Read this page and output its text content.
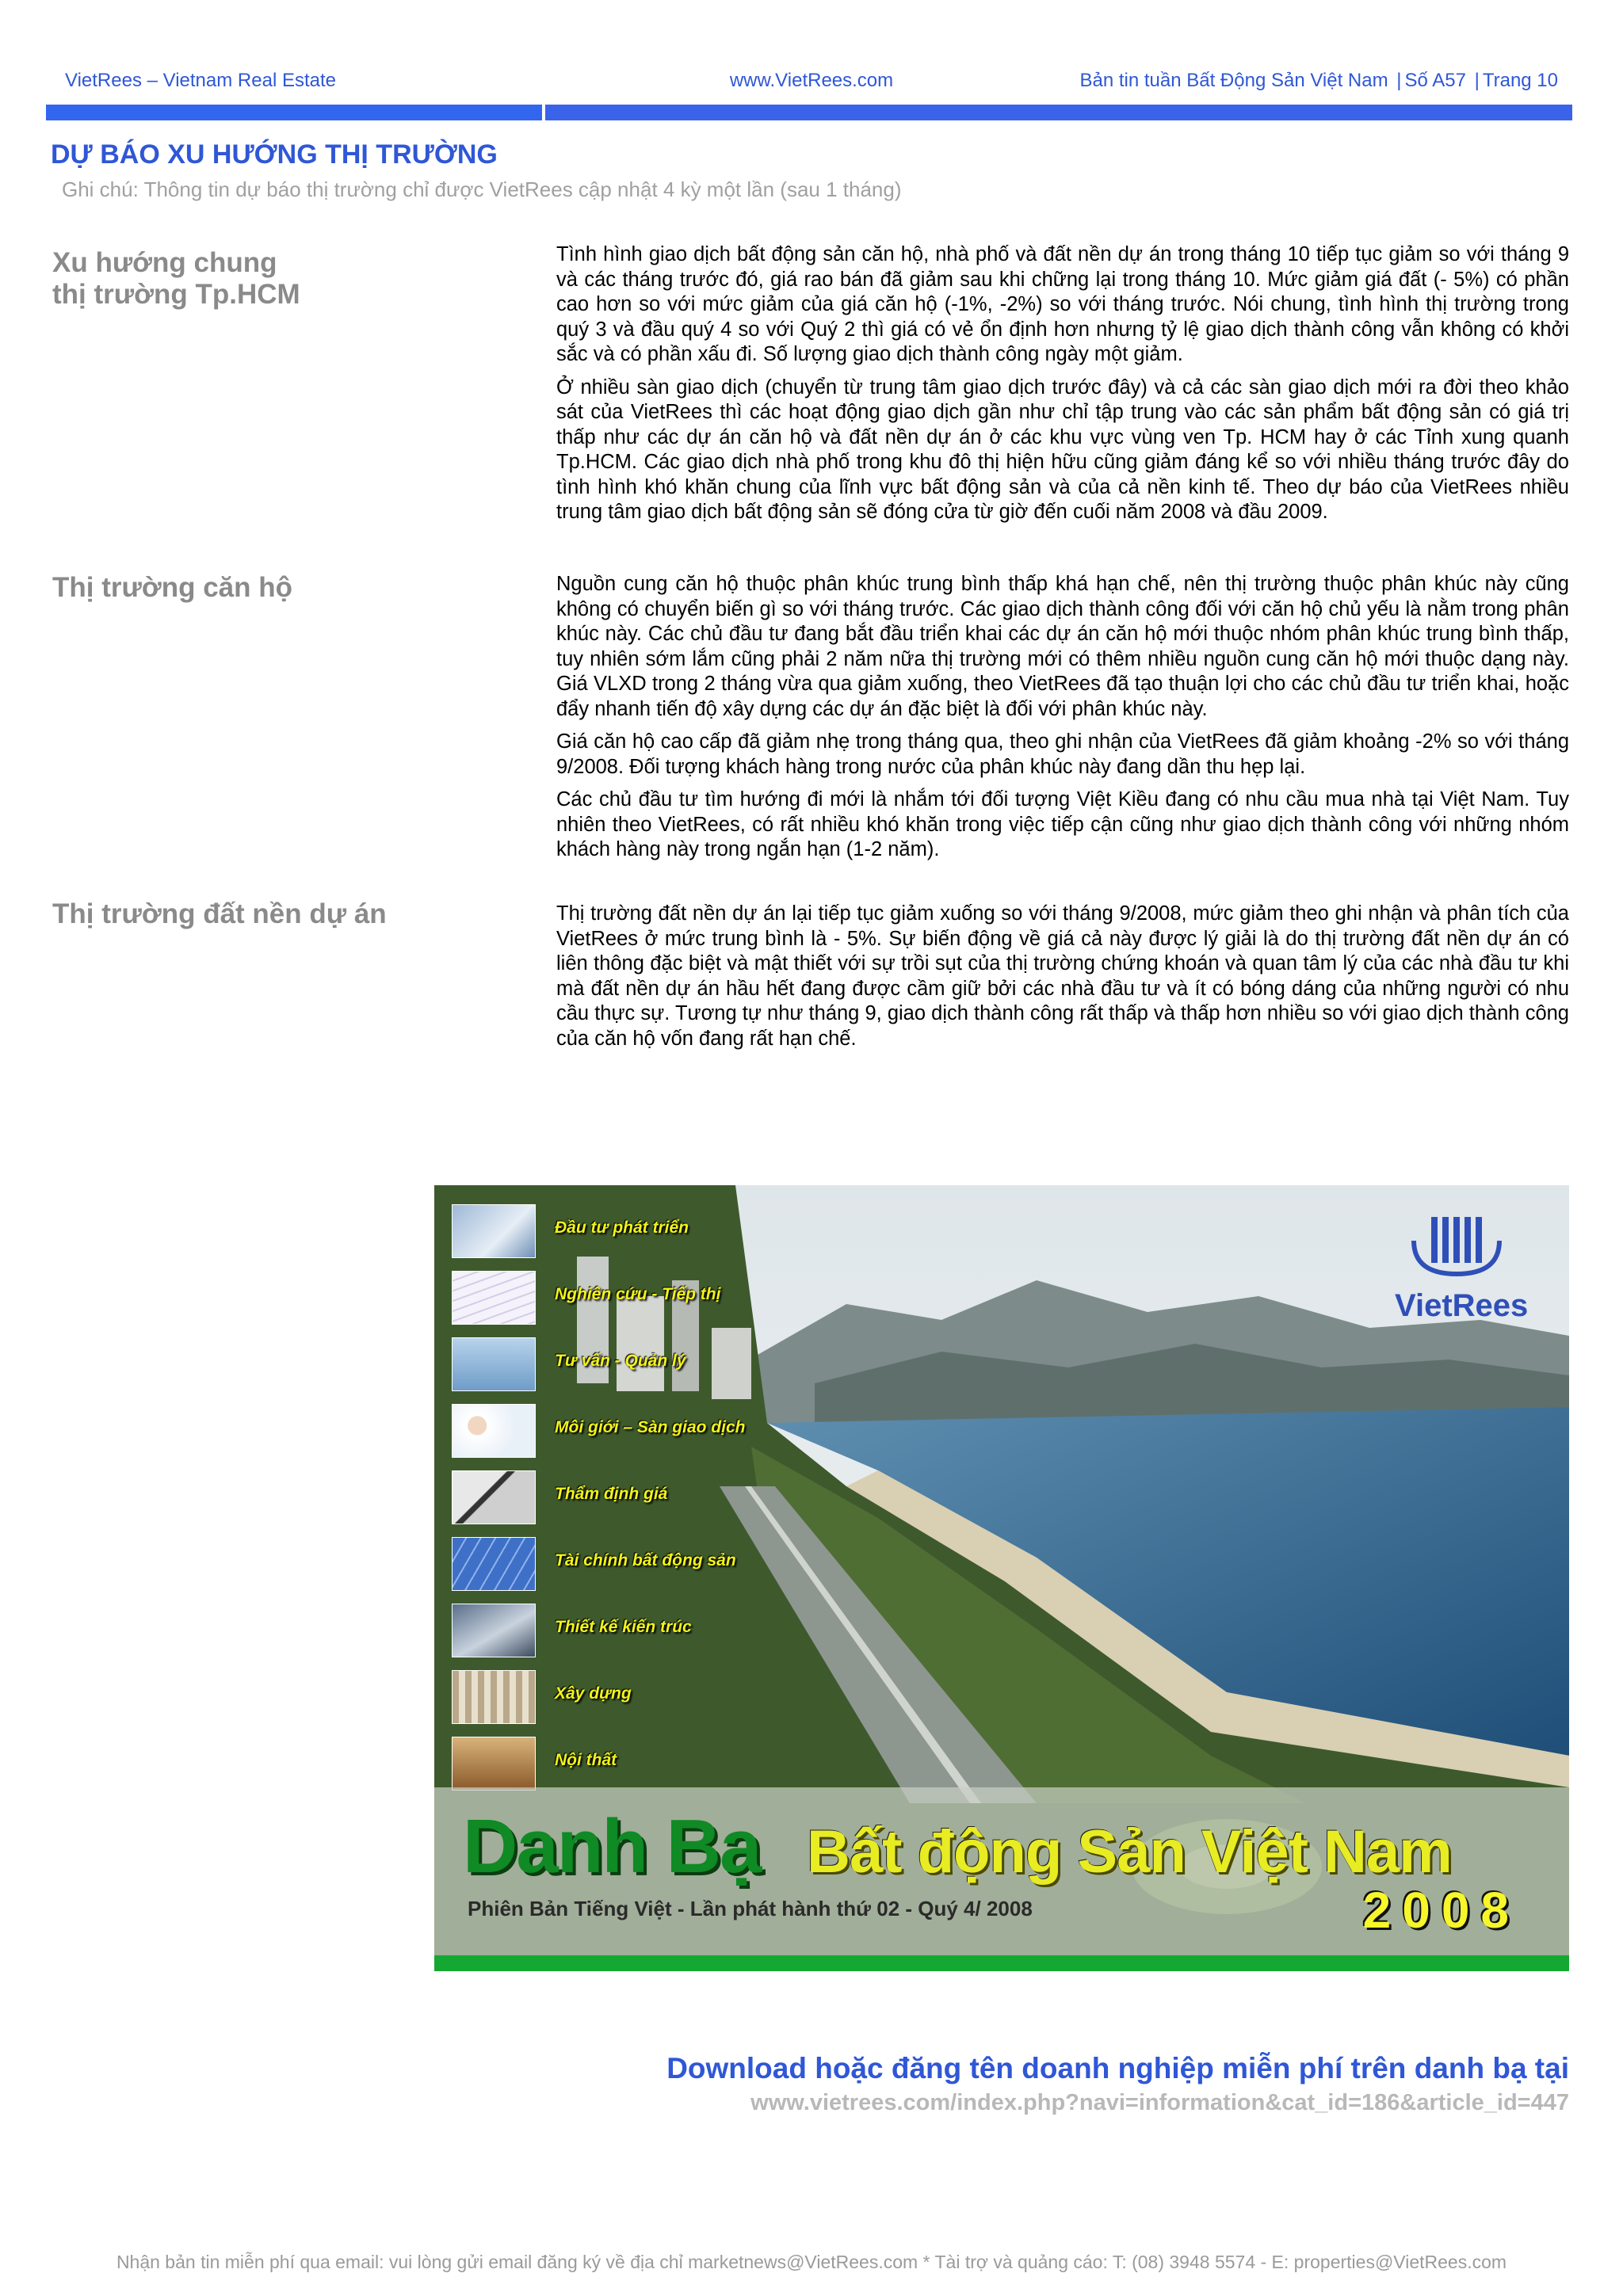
VietRees – Vietnam Real Estate	www.VietRees.com	Bản tin tuần Bất Động Sản Việt Nam | Số A57 | Trang 10
DỰ BÁO XU HƯỚNG THỊ TRƯỜNG
Ghi chú: Thông tin dự báo thị trường chỉ được VietRees cập nhật 4 kỳ một lần (sau 1 tháng)
Xu hướng chung
thị trường Tp.HCM

Tình hình giao dịch bất động sản căn hộ, nhà phố và đất nền dự án trong tháng 10 tiếp tục giảm so với tháng 9 và các tháng trước đó, giá rao bán đã giảm sau khi chững lại trong tháng 10. Mức giảm giá đất (- 5%) có phần cao hơn so với mức giảm của giá căn hộ (-1%, -2%) so với tháng trước. Nói chung, tình hình thị trường trong quý 3 và đầu quý 4 so với Quý 2 thì giá có vẻ ổn định hơn nhưng tỷ lệ giao dịch thành công vẫn không có khởi sắc và có phần xấu đi. Số lượng giao dịch thành công ngày một giảm.

Ở nhiều sàn giao dịch (chuyển từ trung tâm giao dịch trước đây) và cả các sàn giao dịch mới ra đời theo khảo sát của VietRees thì các hoạt động giao dịch gần như chỉ tập trung vào các sản phẩm bất động sản có giá trị thấp như các dự án căn hộ và đất nền dự án ở các khu vực vùng ven Tp. HCM hay ở các Tỉnh xung quanh Tp.HCM. Các giao dịch nhà phố trong khu đô thị hiện hữu cũng giảm đáng kể so với nhiều tháng trước đây do tình hình khó khăn chung của lĩnh vực bất động sản và của cả nền kinh tế. Theo dự báo của VietRees nhiều trung tâm giao dịch bất động sản sẽ đóng cửa từ giờ đến cuối năm 2008 và đầu 2009.

Thị trường căn hộ	Nguồn cung căn hộ thuộc phân khúc trung bình thấp khá hạn chế, nên thị trường thuộc phân khúc này cũng không có chuyển biến gì so với tháng trước. Các giao dịch thành công đối với căn hộ chủ yếu là nằm trong phân khúc này. Các chủ đầu tư đang bắt đầu triển khai các dự án căn hộ mới thuộc nhóm phân khúc trung bình thấp, tuy nhiên sớm lắm cũng phải 2 năm nữa thị trường mới có thêm nhiều nguồn cung căn hộ mới thuộc dạng này. Giá VLXD trong 2 tháng vừa qua giảm xuống, theo VietRees đã tạo thuận lợi cho các chủ đầu tư triển khai, hoặc đẩy nhanh tiến độ xây dựng các dự án đặc biệt là đối với phân khúc này.

Giá căn hộ cao cấp đã giảm nhẹ trong tháng qua, theo ghi nhận của VietRees đã giảm khoảng -2% so với tháng 9/2008. Đối tượng khách hàng trong nước của phân khúc này đang dần thu hẹp lại.

Các chủ đầu tư tìm hướng đi mới là nhắm tới đối tượng Việt Kiều đang có nhu cầu mua nhà tại Việt Nam. Tuy nhiên theo VietRees, có rất nhiều khó khăn trong việc tiếp cận cũng như giao dịch thành công với những nhóm khách hàng này trong ngắn hạn (1-2 năm).

Thị trường đất nền dự án	Thị trường đất nền dự án lại tiếp tục giảm xuống so với tháng 9/2008, mức giảm theo ghi nhận và phân tích của VietRees ở mức trung bình là - 5%. Sự biến động về giá cả này được lý giải là do thị trường đất nền dự án có liên thông đặc biệt và mật thiết với sự trồi sụt của thị trường chứng khoán và quan tâm lý của các nhà đầu tư khi mà đất nền dự án hầu hết đang được cầm giữ bởi các nhà đầu tư và ít có bóng dáng của những người có nhu cầu thực sự. Tương tự như tháng 9, giao dịch thành công rất thấp và thấp hơn nhiều so với giao dịch thành công của căn hộ vốn đang rất hạn chế.

VietRees
Đầu tư phát triển
Nghiên cứu - Tiếp thị
Tư vấn - Quản lý
Môi giới – Sàn giao dịch
Thẩm định giá
Tài chính bất động sản
Thiết kế kiến trúc
Xây dựng
Nội thất
Danh Bạ Bất động Sản Việt Nam
Phiên Bản Tiếng Việt - Lần phát hành thứ 02 - Quý 4/ 2008	2008
Download hoặc đăng tên doanh nghiệp miễn phí trên danh bạ tại
www.vietrees.com/index.php?navi=information&cat_id=186&article_id=447
Nhận bản tin miễn phí qua email: vui lòng gửi email đăng ký về địa chỉ marketnews@VietRees.com * Tài trợ và quảng cáo: T: (08) 3948 5574 - E: properties@VietRees.com
